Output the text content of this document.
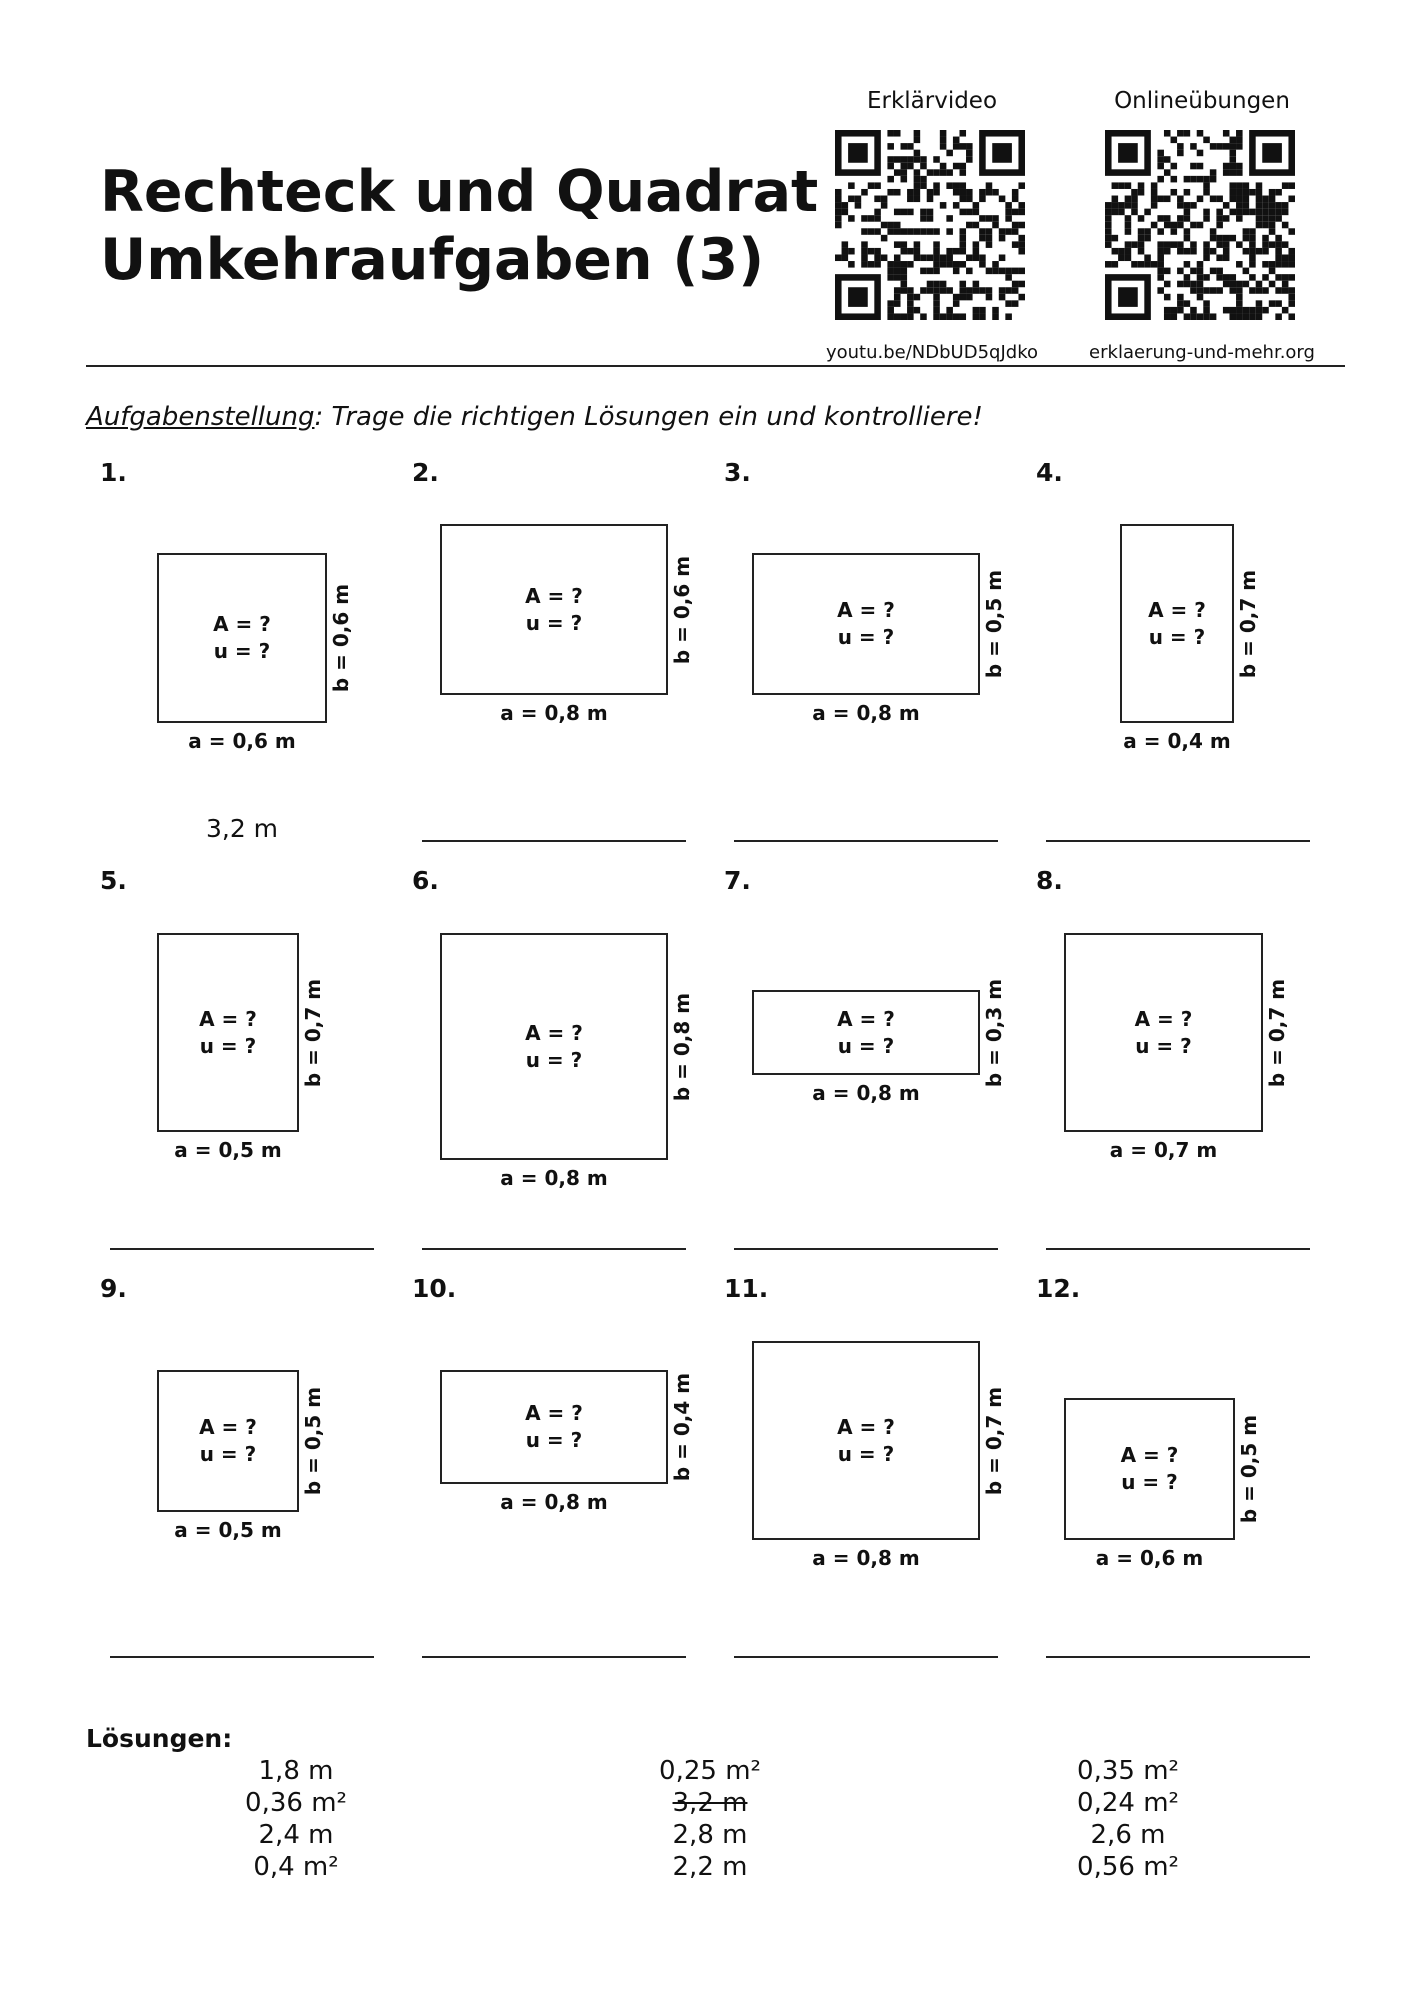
Rechteck und Quadrat
Umkehraufgaben (3)
Erklärvideo
youtu.be/NDbUD5qJdko
Onlineübungen
erklaerung-und-mehr.org
Aufgabenstellung: Trage die richtigen Lösungen ein und kontrolliere!
1.
A = ?
u = ?
a = 0,6 m
b = 0,6 m
3,2 m
2.
A = ?
u = ?
a = 0,8 m
b = 0,6 m
3.
A = ?
u = ?
a = 0,8 m
b = 0,5 m
4.
A = ?
u = ?
a = 0,4 m
b = 0,7 m
5.
A = ?
u = ?
a = 0,5 m
b = 0,7 m
6.
A = ?
u = ?
a = 0,8 m
b = 0,8 m
7.
A = ?
u = ?
a = 0,8 m
b = 0,3 m
8.
A = ?
u = ?
a = 0,7 m
b = 0,7 m
9.
A = ?
u = ?
a = 0,5 m
b = 0,5 m
10.
A = ?
u = ?
a = 0,8 m
b = 0,4 m
11.
A = ?
u = ?
a = 0,8 m
b = 0,7 m
12.
A = ?
u = ?
a = 0,6 m
b = 0,5 m
Lösungen:
1,8 m
0,36 m²
2,4 m
0,4 m²
0,25 m²
3,2 m
2,8 m
2,2 m
0,35 m²
0,24 m²
2,6 m
0,56 m²
